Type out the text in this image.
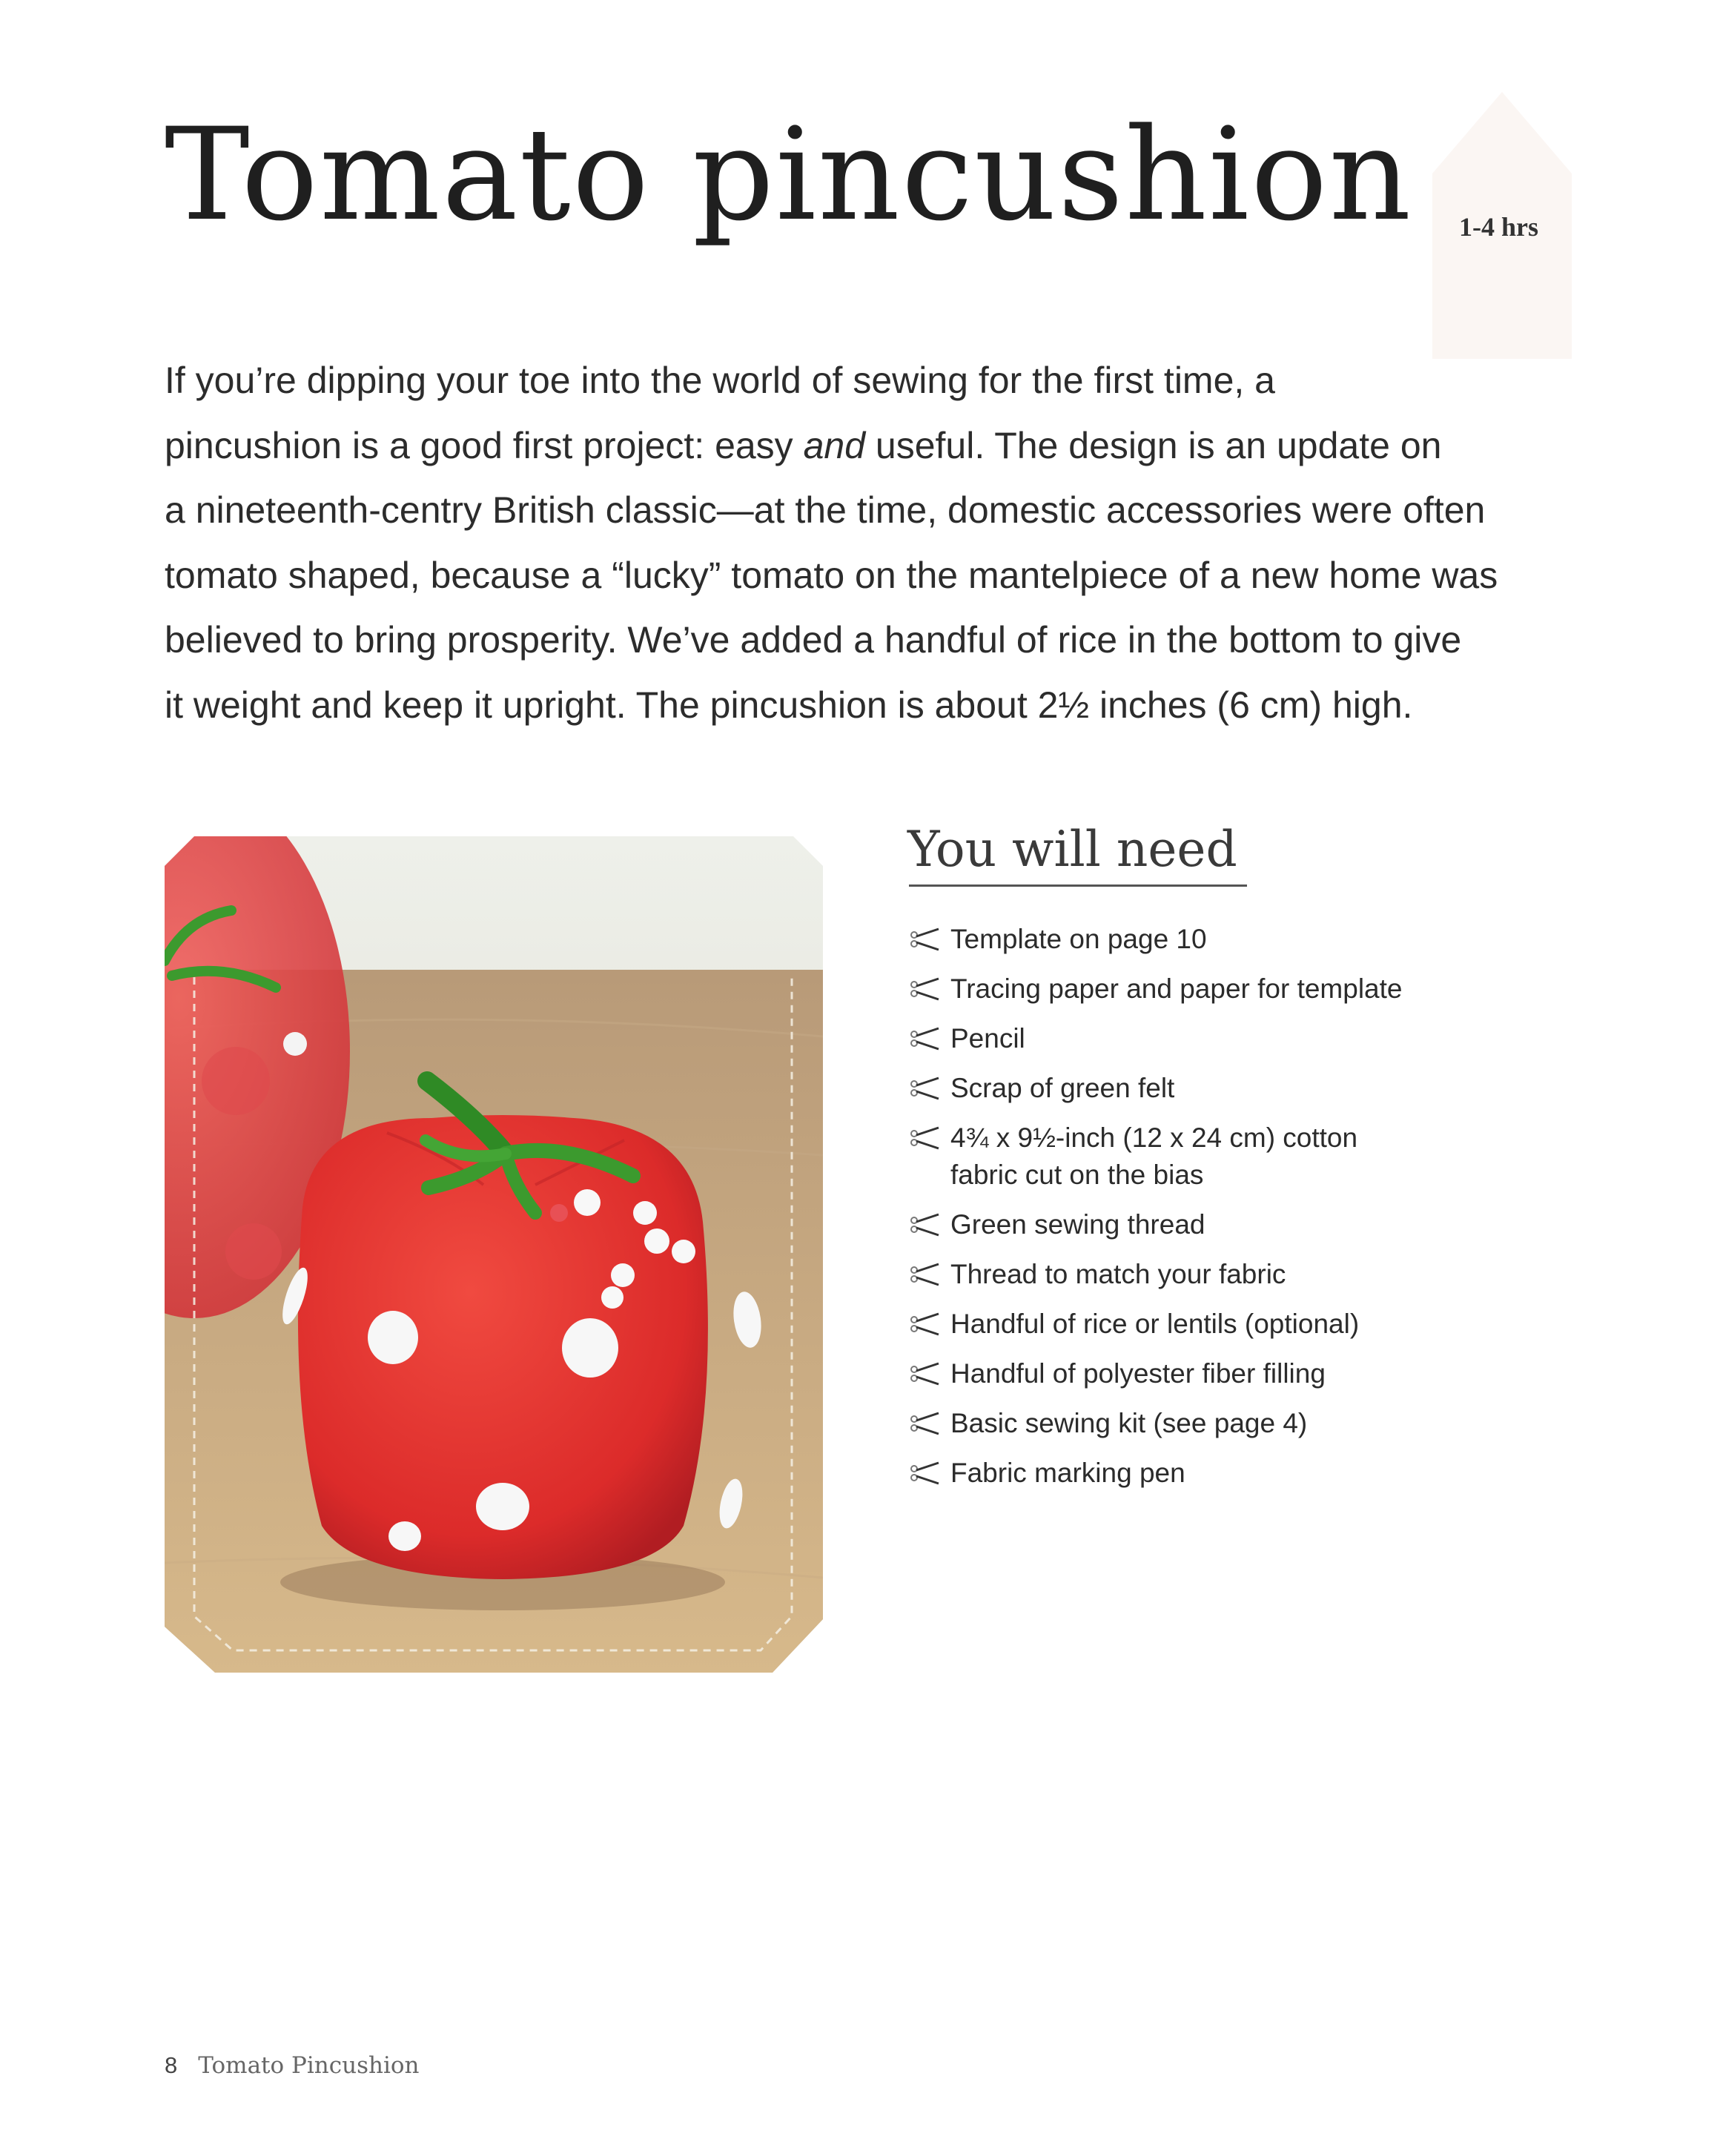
Tomato pincushion 1-4 hrs

If you’re dipping your toe into the world of sewing for the first time, a

pincushion is a good first project: easy and useful. The design is an update on

a nineteenth-centry British classic—at the time, domestic accessories were often

tomato shaped, because a “lucky” tomato on the mantelpiece of a new home was

believed to bring prosperity. We’ve added a handful of rice in the bottom to give

it weight and keep it upright. The pincushion is about 2½ inches (6 cm) high.

You will need
Template on page 10
Tracing paper and paper for template
Pencil
Scrap of green felt
4¾ x 9½-inch (12 x 24 cm) cotton
fabric cut on the bias
Green sewing thread
Thread to match your fabric
Handful of rice or lentils (optional)
Handful of polyester fiber filling
Basic sewing kit (see page 4)
Fabric marking pen
8 Tomato Pincushion
